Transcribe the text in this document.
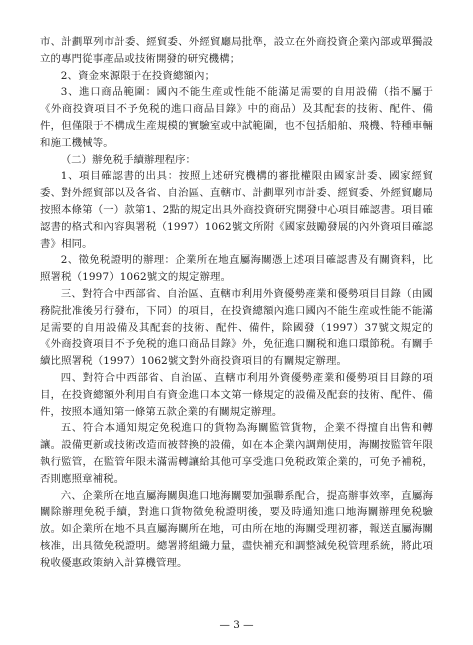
市、計劃單列市計委、經貿委、外經貿廳局批準，設立在外商投資企業內部或單獨設立的專門從事產品或技術開發的研究機構；

2、資金來源限于在投資總額內；

3、進口商品範圍：國內不能生産或性能不能滿足需要的自用設備（指不屬于《外商投資項目不予免税的進口商品目錄》中的商品）及其配套的技術、配件、備件，但僅限于不構成生産規模的實驗室或中試範圍，也不包括船舶、飛機、特種車輛和施工機械等。

（二）辦免税手續辦理程序：

1、項目確認書的出具：按照上述研究機構的審批權限由國家計委、國家經貿委、對外經貿部以及各省、自治區、直轄市、計劃單列市計委、經貿委、外經貿廳局按照本條第（一）款第1、2點的規定出具外商投資研究開發中心項目確認書。項目確認書的格式和內容與署税（1997）1062號文所附《國家鼓勵發展的內外資項目確認書》相同。

2、徵免税證明的辦理：企業所在地直屬海關憑上述項目確認書及有關資料，比照署税（1997）1062號文的規定辦理。

三、對符合中西部省、自治區、直轄市利用外資優勢產業和優勢項目目錄（由國務院批准後另行發布，下同）的項目，在投資總額內進口國內不能生産或性能不能滿足需要的自用設備及其配套的技術、配件、備件，除國發（1997）37號文規定的《外商投資項目不予免税的進口商品目錄》外，免征進口關税和進口環節税。有關手續比照署税（1997）1062號文對外商投資項目的有關規定辦理。

四、對符合中西部省、自治區、直轄市利用外資優勢產業和優勢項目目錄的項目，在投資總額外利用自有資金進口本文第一條規定的設備及配套的技術、配件、備件，按照本通知第一條第五款企業的有關規定辦理。

五、符合本通知規定免税進口的貨物為海關監管貨物，企業不得擅自出售和轉讓。設備更新或技術改造而被替換的設備，如在本企業內調劑使用，海關按監管年限執行監管，在監管年限未滿需轉讓給其他可享受進口免税政策企業的，可免予補税，否則應照章補税。

六、企業所在地直屬海關與進口地海關要加强聯系配合，提高辦事效率，直屬海關除辦理免税手續，對進口貨物徵免稅證明後，要及時通知進口地海關辦理免税驗放。如企業所在地不具直屬海關所在地，可由所在地的海關受理初審，報送直屬海關核准，出具徵免税證明。總署將組織力量，盡快補充和調整減免税管理系統，將此項稅收優惠政策納入計算機管理。

— 3 —
